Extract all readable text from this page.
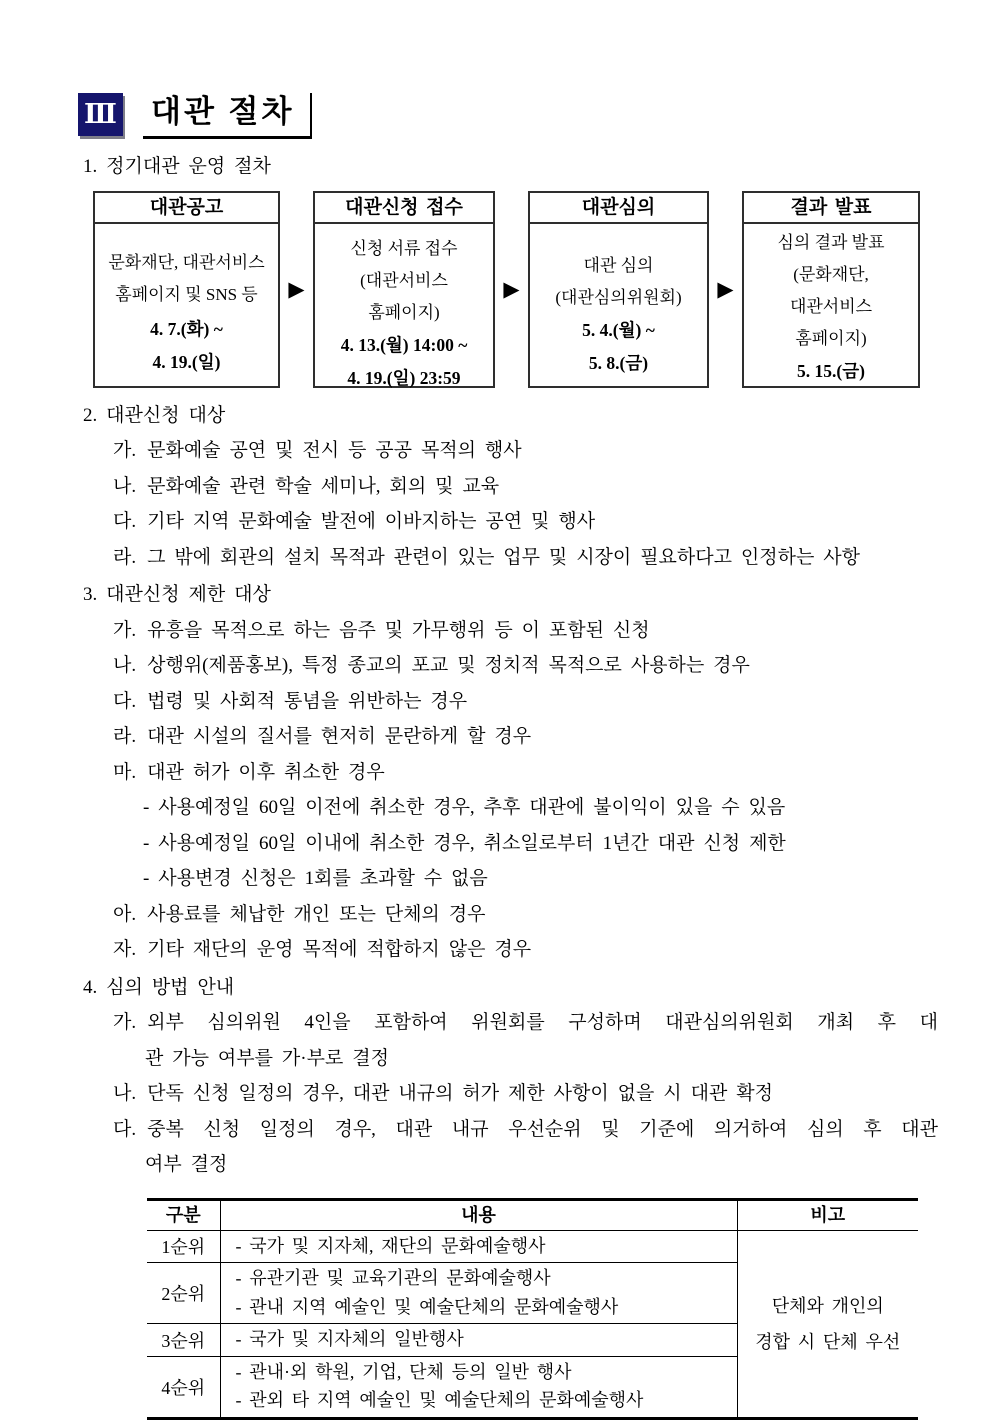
Ⅲ 대관 절차
1. 정기대관 운영 절차
대관공고
문화재단, 대관서비스
홈페이지 및 SNS 등
4. 7.(화) ~
4. 19.(일)
▶
대관신청 접수
신청 서류 접수
(대관서비스
홈페이지)
4. 13.(월) 14:00 ~
4. 19.(일) 23:59
▶
대관심의
대관 심의
(대관심의위원회)
5. 4.(월) ~
5. 8.(금)
▶
결과 발표
심의 결과 발표
(문화재단,
대관서비스
홈페이지)
5. 15.(금)
2. 대관신청 대상
가. 문화예술 공연 및 전시 등 공공 목적의 행사
나. 문화예술 관련 학술 세미나, 회의 및 교육
다. 기타 지역 문화예술 발전에 이바지하는 공연 및 행사
라. 그 밖에 회관의 설치 목적과 관련이 있는 업무 및 시장이 필요하다고 인정하는 사항
3. 대관신청 제한 대상
가. 유흥을 목적으로 하는 음주 및 가무행위 등 이 포함된 신청
나. 상행위(제품홍보), 특정 종교의 포교 및 정치적 목적으로 사용하는 경우
다. 법령 및 사회적 통념을 위반하는 경우
라. 대관 시설의 질서를 현저히 문란하게 할 경우
마. 대관 허가 이후 취소한 경우
- 사용예정일 60일 이전에 취소한 경우, 추후 대관에 불이익이 있을 수 있음
- 사용예정일 60일 이내에 취소한 경우, 취소일로부터 1년간 대관 신청 제한
- 사용변경 신청은 1회를 초과할 수 없음
아. 사용료를 체납한 개인 또는 단체의 경우
자. 기타 재단의 운영 목적에 적합하지 않은 경우
4. 심의 방법 안내
가. 외부 심의위원 4인을 포함하여 위원회를 구성하며 대관심의위원회 개최 후 대
관 가능 여부를 가·부로 결정
나. 단독 신청 일정의 경우, 대관 내규의 허가 제한 사항이 없을 시 대관 확정
다. 중복 신청 일정의 경우, 대관 내규 우선순위 및 기준에 의거하여 심의 후 대관
여부 결정
구분	내용	비고
1순위	- 국가 및 지자체, 재단의 문화예술행사	단체와 개인의
경합 시 단체 우선

2순위	- 유관기관 및 교육기관의 문화예술행사
- 관내 지역 예술인 및 예술단체의 문화예술행사	

3순위	- 국가 및 지자체의 일반행사	

4순위	- 관내·외 학원, 기업, 단체 등의 일반 행사
- 관외 타 지역 예술인 및 예술단체의 문화예술행사	
